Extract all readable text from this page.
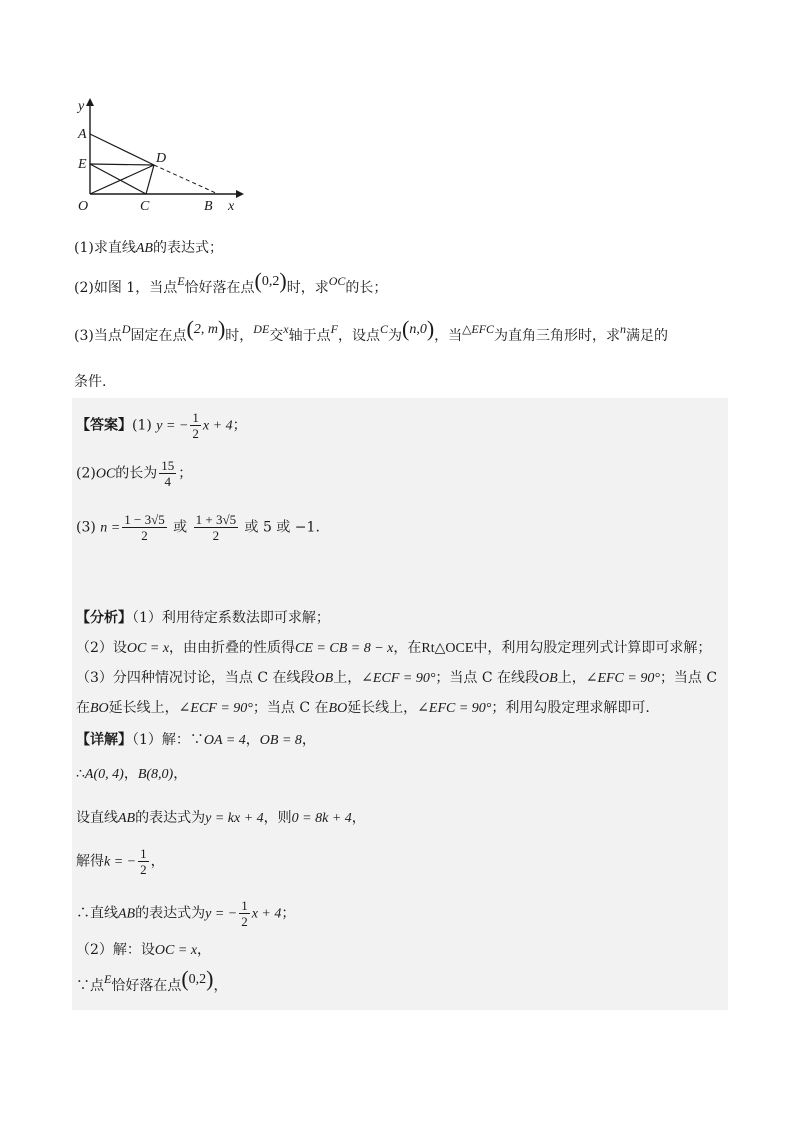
y
x
A
E	D
O	C	B
(1)求直线AB的表达式；
(2)如图 1，当点E恰好落在点(0,2)时，求OC的长；
(3)当点D固定在点(2, m)时，DE交x轴于点F，设点C为(n,0)，当△EFC为直角三角形时，求n满足的
条件.
【答案】(1) y = − $\frac{1}{2}$ x + 4；
(2)OC的长为 $\frac{15}{4}$ ；
(3) $n = \frac{1 - 3√5}{2}$ 或 $\frac{1 + 3√5}{2}$ 或 5 或 −1.
【分析】（1）利用待定系数法即可求解；
（2）设OC = x，由由折叠的性质得CE = CB = 8 − x，在Rt△OCE中，利用勾股定理列式计算即可求解；
（3）分四种情况讨论，当点 C 在线段OB上，∠ECF = 90°；当点 C 在线段OB上，∠EFC = 90°；当点 C
在BO延长线上，∠ECF = 90°；当点 C 在BO延长线上，∠EFC = 90°；利用勾股定理求解即可.
【详解】（1）解：∵OA = 4，OB = 8，
∴A(0, 4)，B(8,0)，
设直线AB的表达式为y = kx + 4，则0 = 8k + 4，
解得k = − $\frac{1}{2}$ ，
∴直线AB的表达式为y = − $\frac{1}{2}$ x + 4；
（2）解：设OC = x，
∵点E恰好落在点(0,2)，
